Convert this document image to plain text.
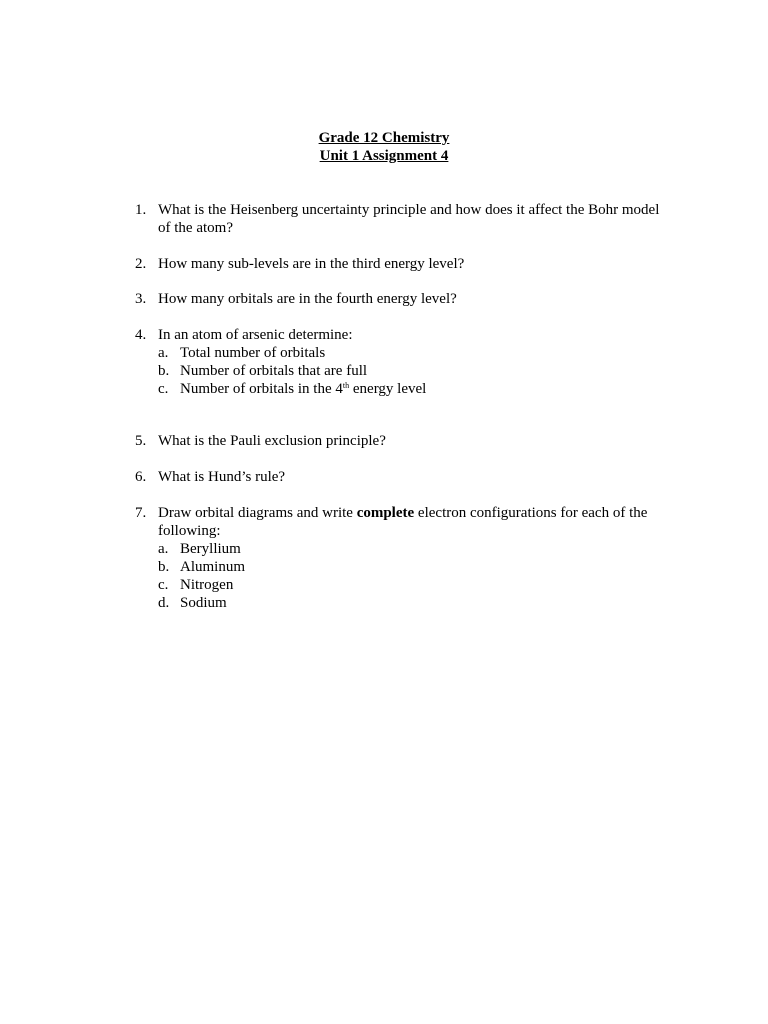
Grade 12 Chemistry
Unit 1 Assignment 4
1. What is the Heisenberg uncertainty principle and how does it affect the Bohr model of the atom?
2. How many sub-levels are in the third energy level?
3. How many orbitals are in the fourth energy level?
4. In an atom of arsenic determine:
a. Total number of orbitals
b. Number of orbitals that are full
c. Number of orbitals in the 4th energy level
5. What is the Pauli exclusion principle?
6. What is Hund’s rule?
7. Draw orbital diagrams and write complete electron configurations for each of the following:
a. Beryllium
b. Aluminum
c. Nitrogen
d. Sodium
